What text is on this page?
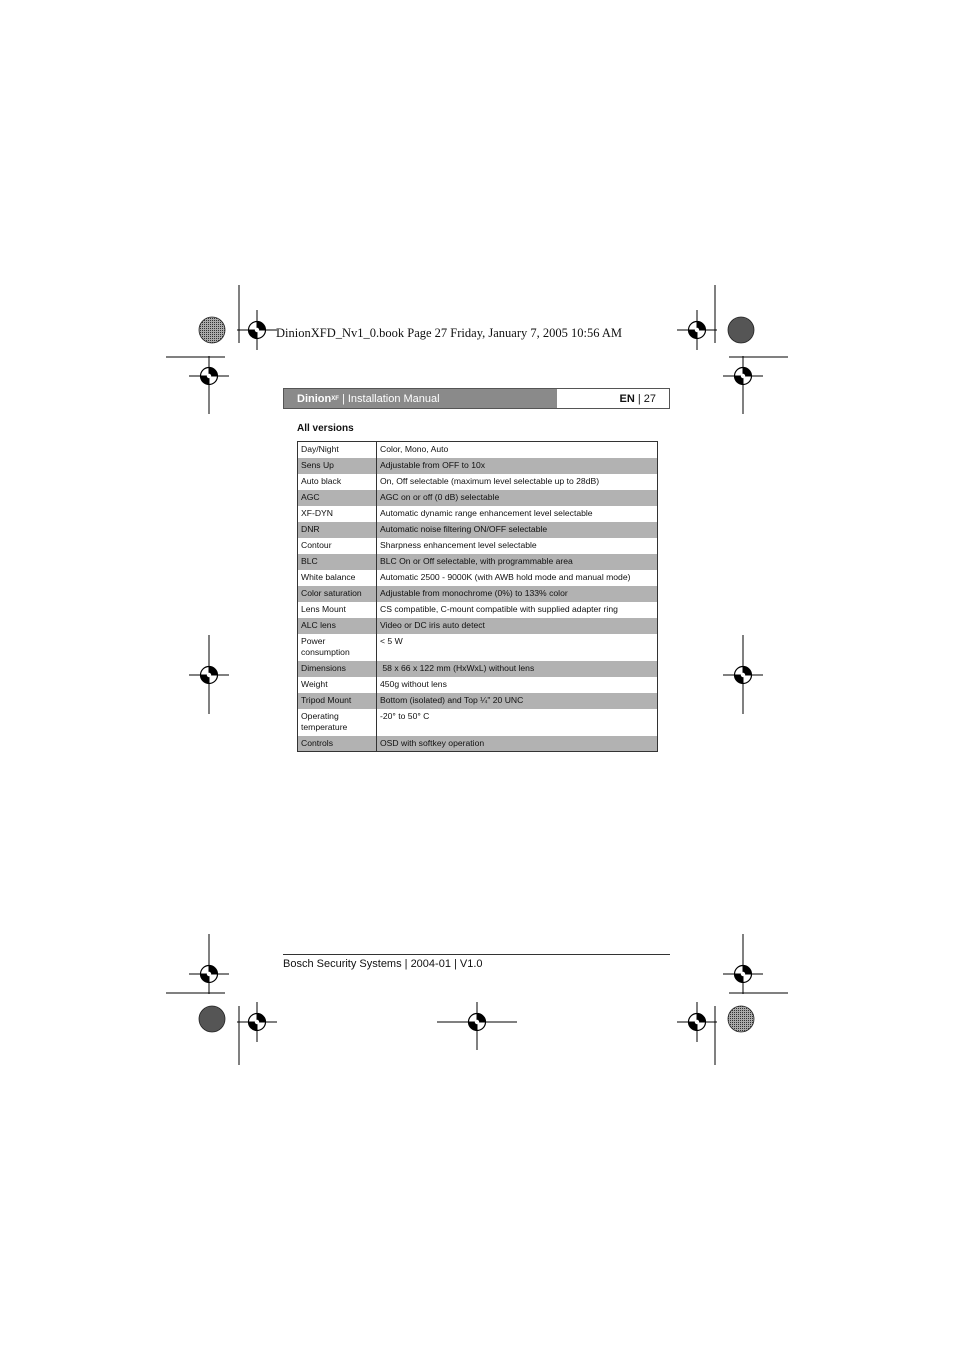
DinionXFD_Nv1_0.book Page 27 Friday, January 7, 2005 10:56 AM
Dinion XF | Installation Manual	EN | 27
All versions
Day/Night	Color, Mono, Auto
Sens Up	Adjustable from OFF to 10x
Auto black	On, Off selectable (maximum level selectable up to 28dB)
AGC	AGC on or off (0 dB) selectable
XF-DYN	Automatic dynamic range enhancement level selectable
DNR	Automatic noise filtering ON/OFF selectable
Contour	Sharpness enhancement level selectable
BLC	BLC On or Off selectable, with programmable area
White balance	Automatic 2500 - 9000K (with AWB hold mode and manual mode)
Color saturation	Adjustable from monochrome (0%) to 133% color
Lens Mount	CS compatible, C-mount compatible with supplied adapter ring
ALC lens	Video or DC iris auto detect
Power consumption	< 5 W
Dimensions	58 x 66 x 122 mm (HxWxL) without lens
Weight	450g without lens
Tripod Mount	Bottom (isolated) and Top ¼" 20 UNC
Operating temperature	-20° to 50° C
Controls	OSD with softkey operation
Bosch Security Systems | 2004-01 | V1.0
